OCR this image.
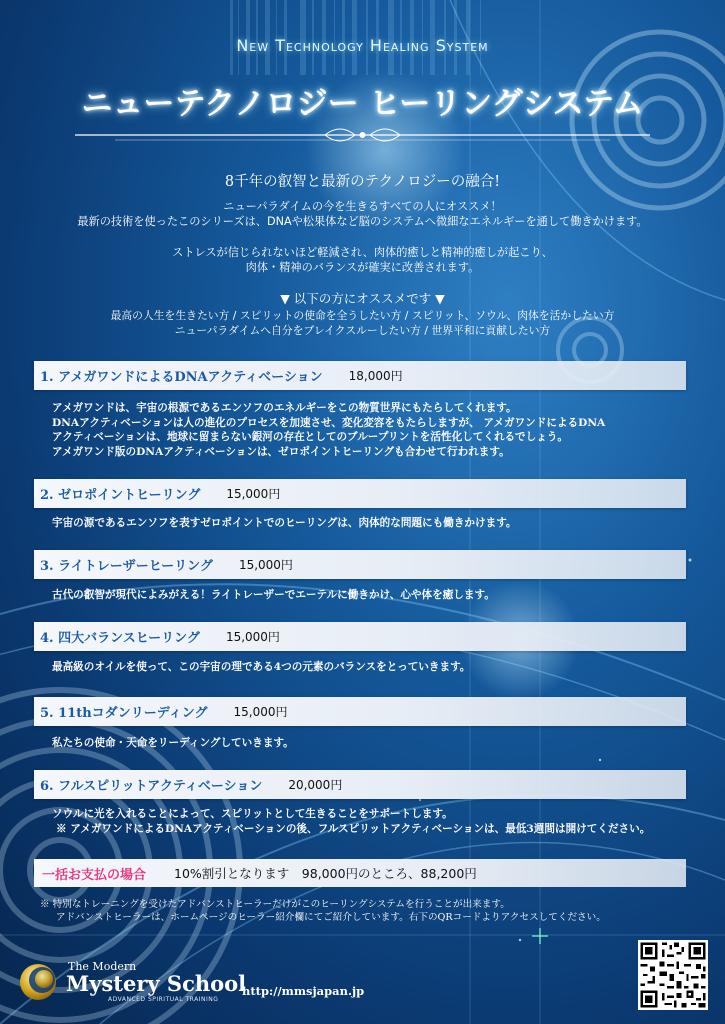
New Technology Healing System
ニューテクノロジー ヒーリングシステム
8千年の叡智と最新のテクノロジーの融合!
ニューパラダイムの今を生きるすべての人にオススメ！
最新の技術を使ったこのシリーズは、DNAや松果体など脳のシステムへ微細なエネルギーを通して働きかけます。
ストレスが信じられないほど軽減され、肉体的癒しと精神的癒しが起こり、
肉体・精神のバランスが確実に改善されます。
▼ 以下の方にオススメです ▼
最高の人生を生きたい方 / スピリットの使命を全うしたい方 / スピリット、ソウル、肉体を活かしたい方
ニューパラダイムへ自分をブレイクスルーしたい方 / 世界平和に貢献したい方
1. アメガワンドによるDNAアクティベーション 18,000円
アメガワンドは、宇宙の根源であるエンソフのエネルギーをこの物質世界にもたらしてくれます。
DNAアクティベーションは人の進化のプロセスを加速させ、変化変容をもたらしますが、 アメガワンドによるDNA
アクティベーションは、地球に留まらない銀河の存在としてのブループリントを活性化してくれるでしょう。
アメガワンド版のDNAアクティベーションは、ゼロポイントヒーリングも合わせて行われます。
2. ゼロポイントヒーリング 15,000円
宇宙の源であるエンソフを表すゼロポイントでのヒーリングは、肉体的な問題にも働きかけます。
3. ライトレーザーヒーリング 15,000円
古代の叡智が現代によみがえる！ライトレーザーでエーテルに働きかけ、心や体を癒します。
4. 四大バランスヒーリング 15,000円
最高級のオイルを使って、この宇宙の理である4つの元素のバランスをとっていきます。
5. 11thコダンリーディング 15,000円
私たちの使命・天命をリーディングしていきます。
6. フルスピリットアクティベーション 20,000円
ソウルに光を入れることによって、スピリットとして生きることをサポートします。
※ アメガワンドによるDNAアクティベーションの後、フルスピリットアクティベーションは、最低3週間は開けてください。
一括お支払の場合 10%割引となります　98,000円のところ、88,200円
※ 特別なトレーニングを受けたアドバンストヒーラーだけがこのヒーリングシステムを行うことが出来ます。
アドバンストヒーラーは、ホームページのヒーラー紹介欄にてご紹介しています。右下のQRコードよりアクセスしてください。
The Modern
Mystery School
ADVANCED SPIRITUAL TRAINING
http://mmsjapan.jp
